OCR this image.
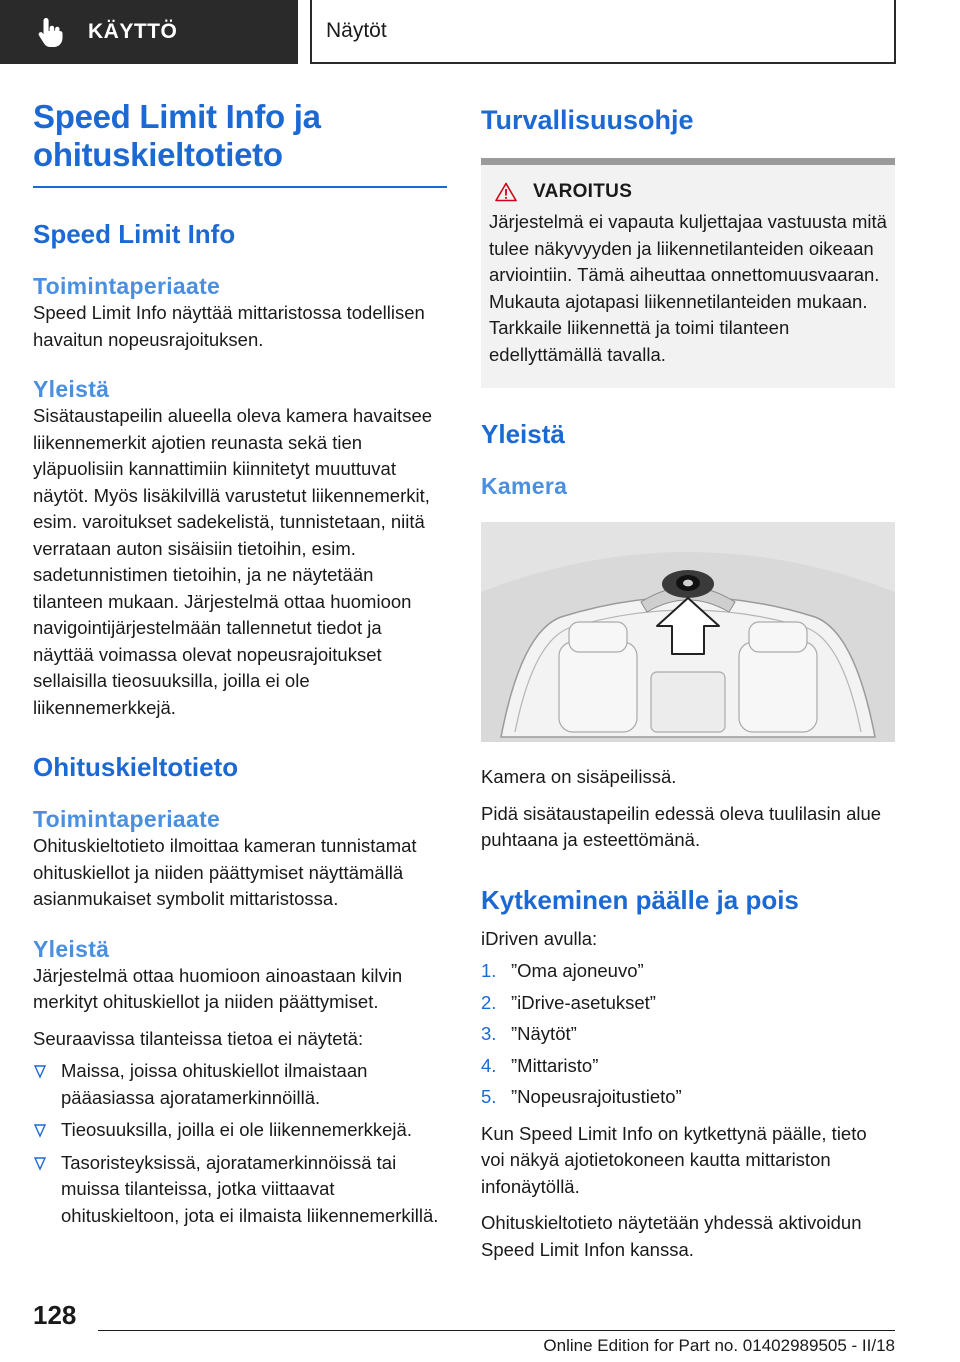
KÄYTTÖ	Näytöt
Speed Limit Info ja ohituskieltotieto
Speed Limit Info
Toimintaperiaate

Speed Limit Info näyttää mittaristossa todellisen havaitun nopeusrajoituksen.

Yleistä

Sisätaustapeilin alueella oleva kamera havaitsee liikennemerkit ajotien reunasta sekä tien yläpuolisiin kannattimiin kiinnitetyt muuttuvat näytöt. Myös lisäkilvillä varustetut liikennemerkit, esim. varoitukset sadekelistä, tunnistetaan, niitä verrataan auton sisäisiin tietoihin, esim. sadetunnistimen tietoihin, ja ne näytetään tilanteen mukaan. Järjestelmä ottaa huomioon navigointijärjestelmään tallennetut tiedot ja näyttää voimassa olevat nopeusrajoitukset sellaisilla tieosuuksilla, joilla ei ole liikennemerkkejä.

Ohituskieltotieto
Toimintaperiaate

Ohituskieltotieto ilmoittaa kameran tunnistamat ohituskiellot ja niiden päättymiset näyttämällä asianmukaiset symbolit mittaristossa.

Yleistä

Järjestelmä ottaa huomioon ainoastaan kilvin merkityt ohituskiellot ja niiden päättymiset.

Seuraavissa tilanteissa tietoa ei näytetä:

Maissa, joissa ohituskiellot ilmaistaan pääasiassa ajoratamerkinnöillä.
Tieosuuksilla, joilla ei ole liikennemerkkejä.
Tasoristeyksissä, ajoratamerkinnöissä tai muissa tilanteissa, jotka viittaavat ohituskieltoon, jota ei ilmaista liikennemerkillä.
Turvallisuusohje
VAROITUS

Järjestelmä ei vapauta kuljettajaa vastuusta mitä tulee näkyvyyden ja liikennetilanteiden oikeaan arviointiin. Tämä aiheuttaa onnettomuusvaaran. Mukauta ajotapasi liikennetilanteiden mukaan. Tarkkaile liikennettä ja toimi tilanteen edellyttämällä tavalla.

Yleistä
Kamera

Kamera on sisäpeilissä.

Pidä sisätaustapeilin edessä oleva tuulilasin alue puhtaana ja esteettömänä.

Kytkeminen päälle ja pois

iDriven avulla:

1. ”Oma ajoneuvo”
2. ”iDrive-asetukset”
3. ”Näytöt”
4. ”Mittaristo”
5. ”Nopeusrajoitustieto”

Kun Speed Limit Info on kytkettynä päälle, tieto voi näkyä ajotietokoneen kautta mittariston infonäytöllä.

Ohituskieltotieto näytetään yhdessä aktivoidun Speed Limit Infon kanssa.

128
Online Edition for Part no. 01402989505 - II/18
